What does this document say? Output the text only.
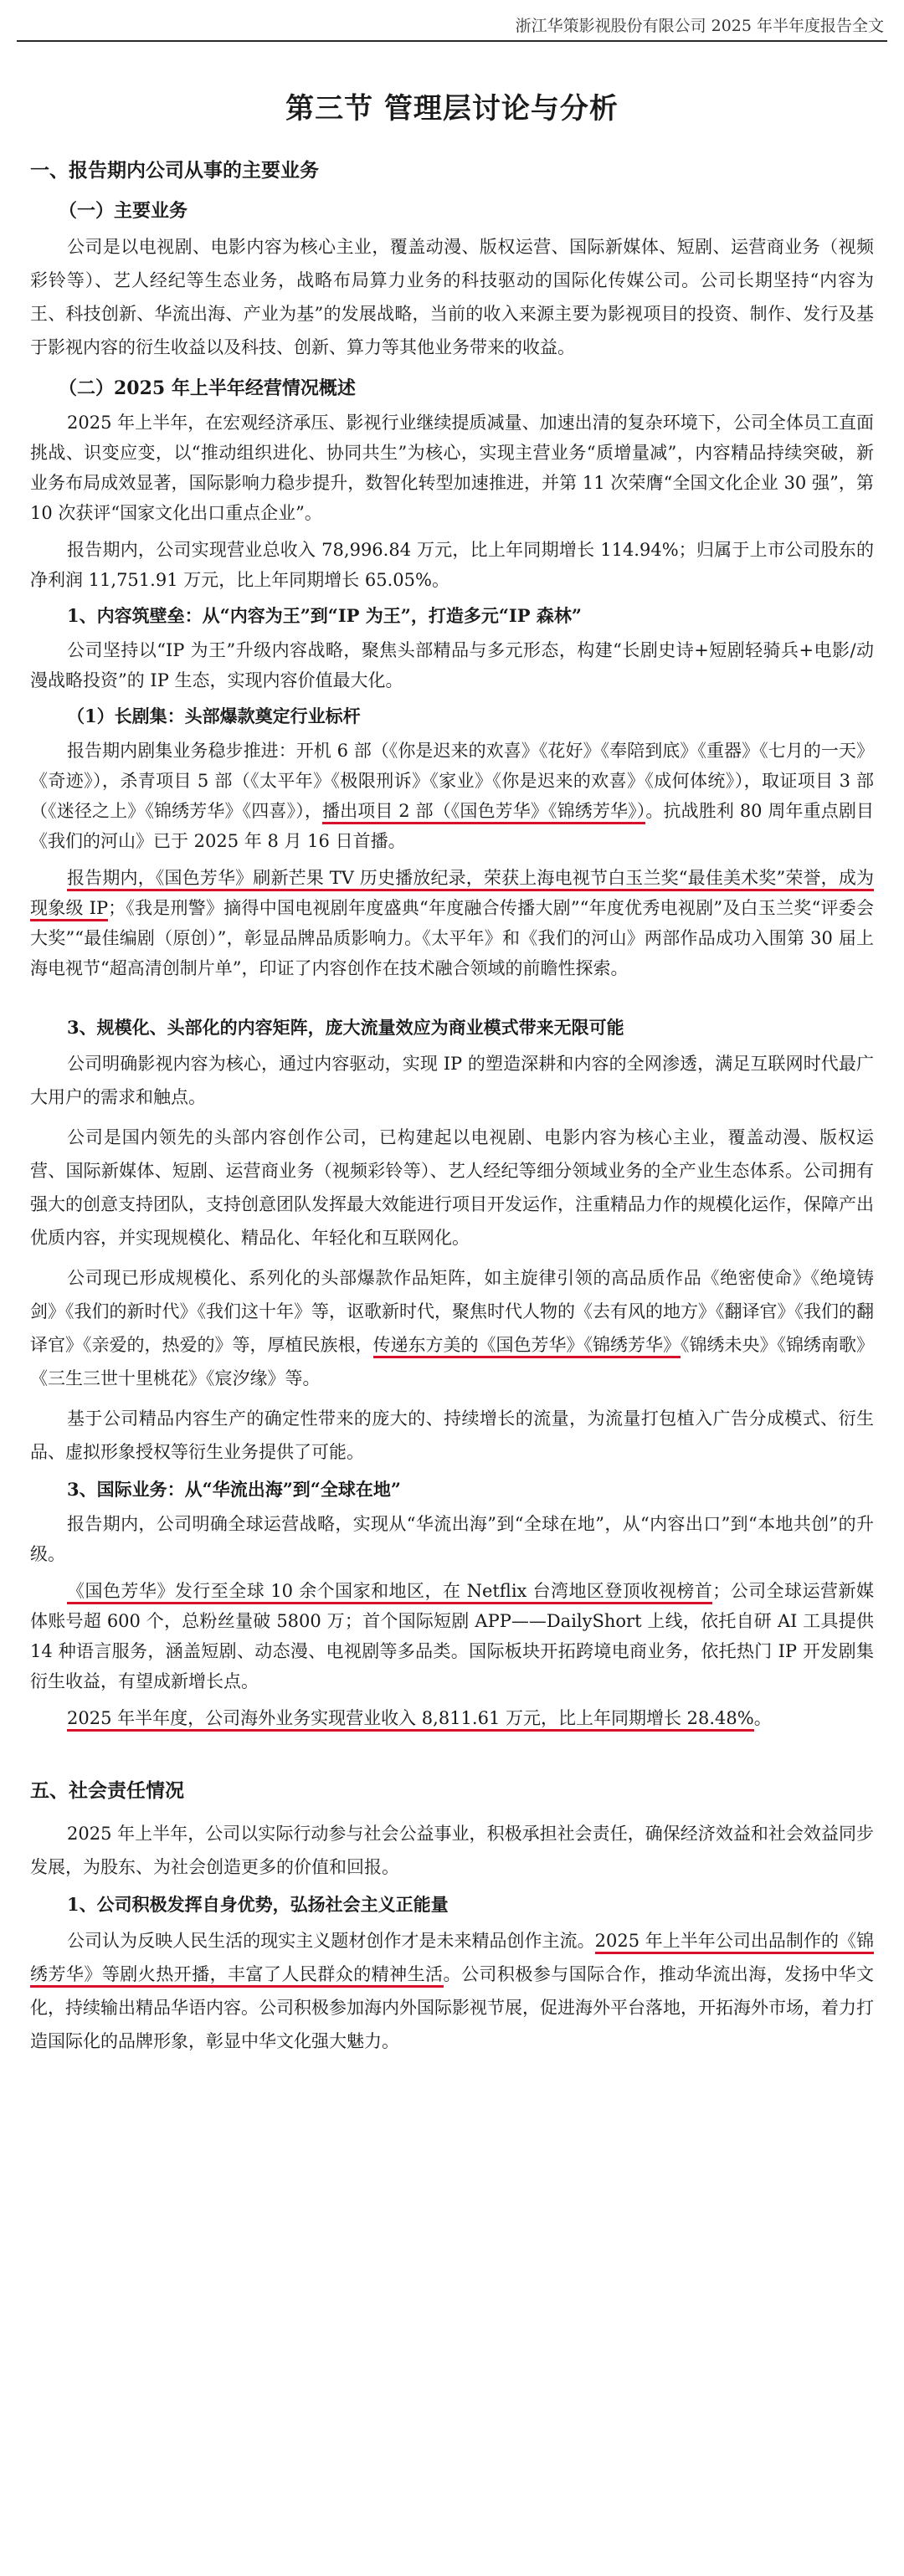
浙江华策影视股份有限公司 2025 年半年度报告全文
第三节 管理层讨论与分析
一、报告期内公司从事的主要业务
（一）主要业务

公司是以电视剧、电影内容为核心主业，覆盖动漫、版权运营、国际新媒体、短剧、运营商业务（视频彩铃等）、艺人经纪等生态业务，战略布局算力业务的科技驱动的国际化传媒公司。公司长期坚持“内容为王、科技创新、华流出海、产业为基”的发展战略，当前的收入来源主要为影视项目的投资、制作、发行及基于影视内容的衍生收益以及科技、创新、算力等其他业务带来的收益。

（二）2025 年上半年经营情况概述

2025 年上半年，在宏观经济承压、影视行业继续提质减量、加速出清的复杂环境下，公司全体员工直面挑战、识变应变，以“推动组织进化、协同共生”为核心，实现主营业务“质增量减”，内容精品持续突破，新业务布局成效显著，国际影响力稳步提升，数智化转型加速推进，并第 11 次荣膺“全国文化企业 30 强”，第 10 次获评“国家文化出口重点企业”。

报告期内，公司实现营业总收入 78,996.84 万元，比上年同期增长 114.94%；归属于上市公司股东的净利润 11,751.91 万元，比上年同期增长 65.05%。

1、内容筑壁垒：从“内容为王”到“IP 为王”，打造多元“IP 森林”

公司坚持以“IP 为王”升级内容战略，聚焦头部精品与多元形态，构建“长剧史诗+短剧轻骑兵+电影/动漫战略投资”的 IP 生态，实现内容价值最大化。

（1）长剧集：头部爆款奠定行业标杆

报告期内剧集业务稳步推进：开机 6 部（《你是迟来的欢喜》《花好》《奉陪到底》《重器》《七月的一天》《奇迹》），杀青项目 5 部（《太平年》《极限刑诉》《家业》《你是迟来的欢喜》《成何体统》），取证项目 3 部（《迷径之上》《锦绣芳华》《四喜》），播出项目 2 部（《国色芳华》《锦绣芳华》）。抗战胜利 80 周年重点剧目《我们的河山》已于 2025 年 8 月 16 日首播。

报告期内，《国色芳华》刷新芒果 TV 历史播放纪录，荣获上海电视节白玉兰奖“最佳美术奖”荣誉，成为现象级 IP；《我是刑警》摘得中国电视剧年度盛典“年度融合传播大剧”“年度优秀电视剧”及白玉兰奖“评委会大奖”“最佳编剧（原创）”，彰显品牌品质影响力。《太平年》和《我们的河山》两部作品成功入围第 30 届上海电视节“超高清创制片单”，印证了内容创作在技术融合领域的前瞻性探索。

3、规模化、头部化的内容矩阵，庞大流量效应为商业模式带来无限可能

公司明确影视内容为核心，通过内容驱动，实现 IP 的塑造深耕和内容的全网渗透，满足互联网时代最广大用户的需求和触点。

公司是国内领先的头部内容创作公司，已构建起以电视剧、电影内容为核心主业，覆盖动漫、版权运营、国际新媒体、短剧、运营商业务（视频彩铃等）、艺人经纪等细分领域业务的全产业生态体系。公司拥有强大的创意支持团队，支持创意团队发挥最大效能进行项目开发运作，注重精品力作的规模化运作，保障产出优质内容，并实现规模化、精品化、年轻化和互联网化。

公司现已形成规模化、系列化的头部爆款作品矩阵，如主旋律引领的高品质作品《绝密使命》《绝境铸剑》《我们的新时代》《我们这十年》等，讴歌新时代，聚焦时代人物的《去有风的地方》《翻译官》《我们的翻译官》《亲爱的，热爱的》等，厚植民族根，传递东方美的《国色芳华》《锦绣芳华》《锦绣未央》《锦绣南歌》《三生三世十里桃花》《宸汐缘》等。

基于公司精品内容生产的确定性带来的庞大的、持续增长的流量，为流量打包植入广告分成模式、衍生品、虚拟形象授权等衍生业务提供了可能。

3、国际业务：从“华流出海”到“全球在地”

报告期内，公司明确全球运营战略，实现从“华流出海”到“全球在地”，从“内容出口”到“本地共创”的升级。

《国色芳华》发行至全球 10 余个国家和地区，在 Netflix 台湾地区登顶收视榜首；公司全球运营新媒体账号超 600 个，总粉丝量破 5800 万；首个国际短剧 APP——DailyShort 上线，依托自研 AI 工具提供 14 种语言服务，涵盖短剧、动态漫、电视剧等多品类。国际板块开拓跨境电商业务，依托热门 IP 开发剧集衍生收益，有望成新增长点。

2025 年半年度，公司海外业务实现营业收入 8,811.61 万元，比上年同期增长 28.48%。

五、社会责任情况

2025 年上半年，公司以实际行动参与社会公益事业，积极承担社会责任，确保经济效益和社会效益同步发展，为股东、为社会创造更多的价值和回报。

1、公司积极发挥自身优势，弘扬社会主义正能量

公司认为反映人民生活的现实主义题材创作才是未来精品创作主流。2025 年上半年公司出品制作的《锦绣芳华》等剧火热开播，丰富了人民群众的精神生活。公司积极参与国际合作，推动华流出海，发扬中华文化，持续输出精品华语内容。公司积极参加海内外国际影视节展，促进海外平台落地，开拓海外市场，着力打造国际化的品牌形象，彰显中华文化强大魅力。
